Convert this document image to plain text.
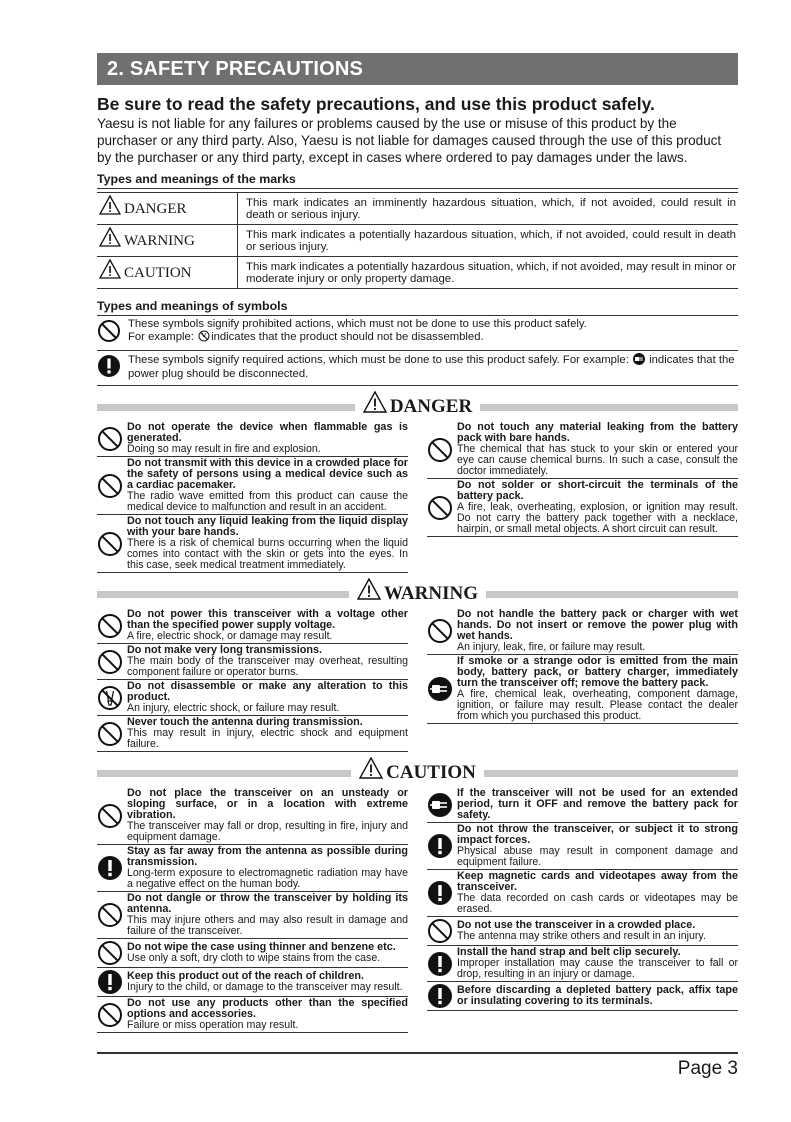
2. SAFETY PRECAUTIONS
Be sure to read the safety precautions, and use this product safely.
Yaesu is not liable for any failures or problems caused by the use or misuse of this product by the purchaser or any third party. Also, Yaesu is not liable for damages caused through the use of this product by the purchaser or any third party, except in cases where ordered to pay damages under the laws.
Types and meanings of the marks
DANGER	This mark indicates an imminently hazardous situation, which, if not avoided, could result in death or serious injury.
WARNING	This mark indicates a potentially hazardous situation, which, if not avoided, could result in death or serious injury.
CAUTION	This mark indicates a potentially hazardous situation, which, if not avoided, may result in minor or moderate injury or only property damage.
Types and meanings of symbols
These symbols signify prohibited actions, which must not be done to use this product safely.
For example: indicates that the product should not be disassembled.
These symbols signify required actions, which must be done to use this product safely. For example: indicates that the power plug should be disconnected.
DANGER
Do not operate the device when flammable gas is generated.
Doing so may result in fire and explosion.
Do not transmit with this device in a crowded place for the safety of persons using a medical device such as a cardiac pacemaker.
The radio wave emitted from this product can cause the medical device to malfunction and result in an accident.
Do not touch any liquid leaking from the liquid display with your bare hands.
There is a risk of chemical burns occurring when the liquid comes into contact with the skin or gets into the eyes. In this case, seek medical treatment immediately.
Do not touch any material leaking from the battery pack with bare hands.
The chemical that has stuck to your skin or entered your eye can cause chemical burns. In such a case, consult the doctor immediately.
Do not solder or short-circuit the terminals of the battery pack.
A fire, leak, overheating, explosion, or ignition may result. Do not carry the battery pack together with a necklace, hairpin, or small metal objects. A short circuit can result.
WARNING
Do not power this transceiver with a voltage other than the specified power supply voltage.
A fire, electric shock, or damage may result.
Do not make very long transmissions.
The main body of the transceiver may overheat, resulting component failure or operator burns.
Do not disassemble or make any alteration to this product.
An injury, electric shock, or failure may result.
Never touch the antenna during transmission.
This may result in injury, electric shock and equipment failure.
Do not handle the battery pack or charger with wet hands. Do not insert or remove the power plug with wet hands.
An injury, leak, fire, or failure may result.
If smoke or a strange odor is emitted from the main body, battery pack, or battery charger, immediately turn the transceiver off; remove the battery pack.
A fire, chemical leak, overheating, component damage, ignition, or failure may result. Please contact the dealer from which you purchased this product.
CAUTION
Do not place the transceiver on an unsteady or sloping surface, or in a location with extreme vibration.
The transceiver may fall or drop, resulting in fire, injury and equipment damage.
Stay as far away from the antenna as possible during transmission.
Long-term exposure to electromagnetic radiation may have a negative effect on the human body.
Do not dangle or throw the transceiver by holding its antenna.
This may injure others and may also result in damage and failure of the transceiver.
Do not wipe the case using thinner and benzene etc.
Use only a soft, dry cloth to wipe stains from the case.
Keep this product out of the reach of children.
Injury to the child, or damage to the transceiver may result.
Do not use any products other than the specified options and accessories.
Failure or miss operation may result.
If the transceiver will not be used for an extended period, turn it OFF and remove the battery pack for safety.
Do not throw the transceiver, or subject it to strong impact forces.
Physical abuse may result in component damage and equipment failure.
Keep magnetic cards and videotapes away from the transceiver.
The data recorded on cash cards or videotapes may be erased.
Do not use the transceiver in a crowded place.
The antenna may strike others and result in an injury.
Install the hand strap and belt clip securely.
Improper installation may cause the transceiver to fall or drop, resulting in an injury or damage.
Before discarding a depleted battery pack, affix tape or insulating covering to its terminals.
Page 3
